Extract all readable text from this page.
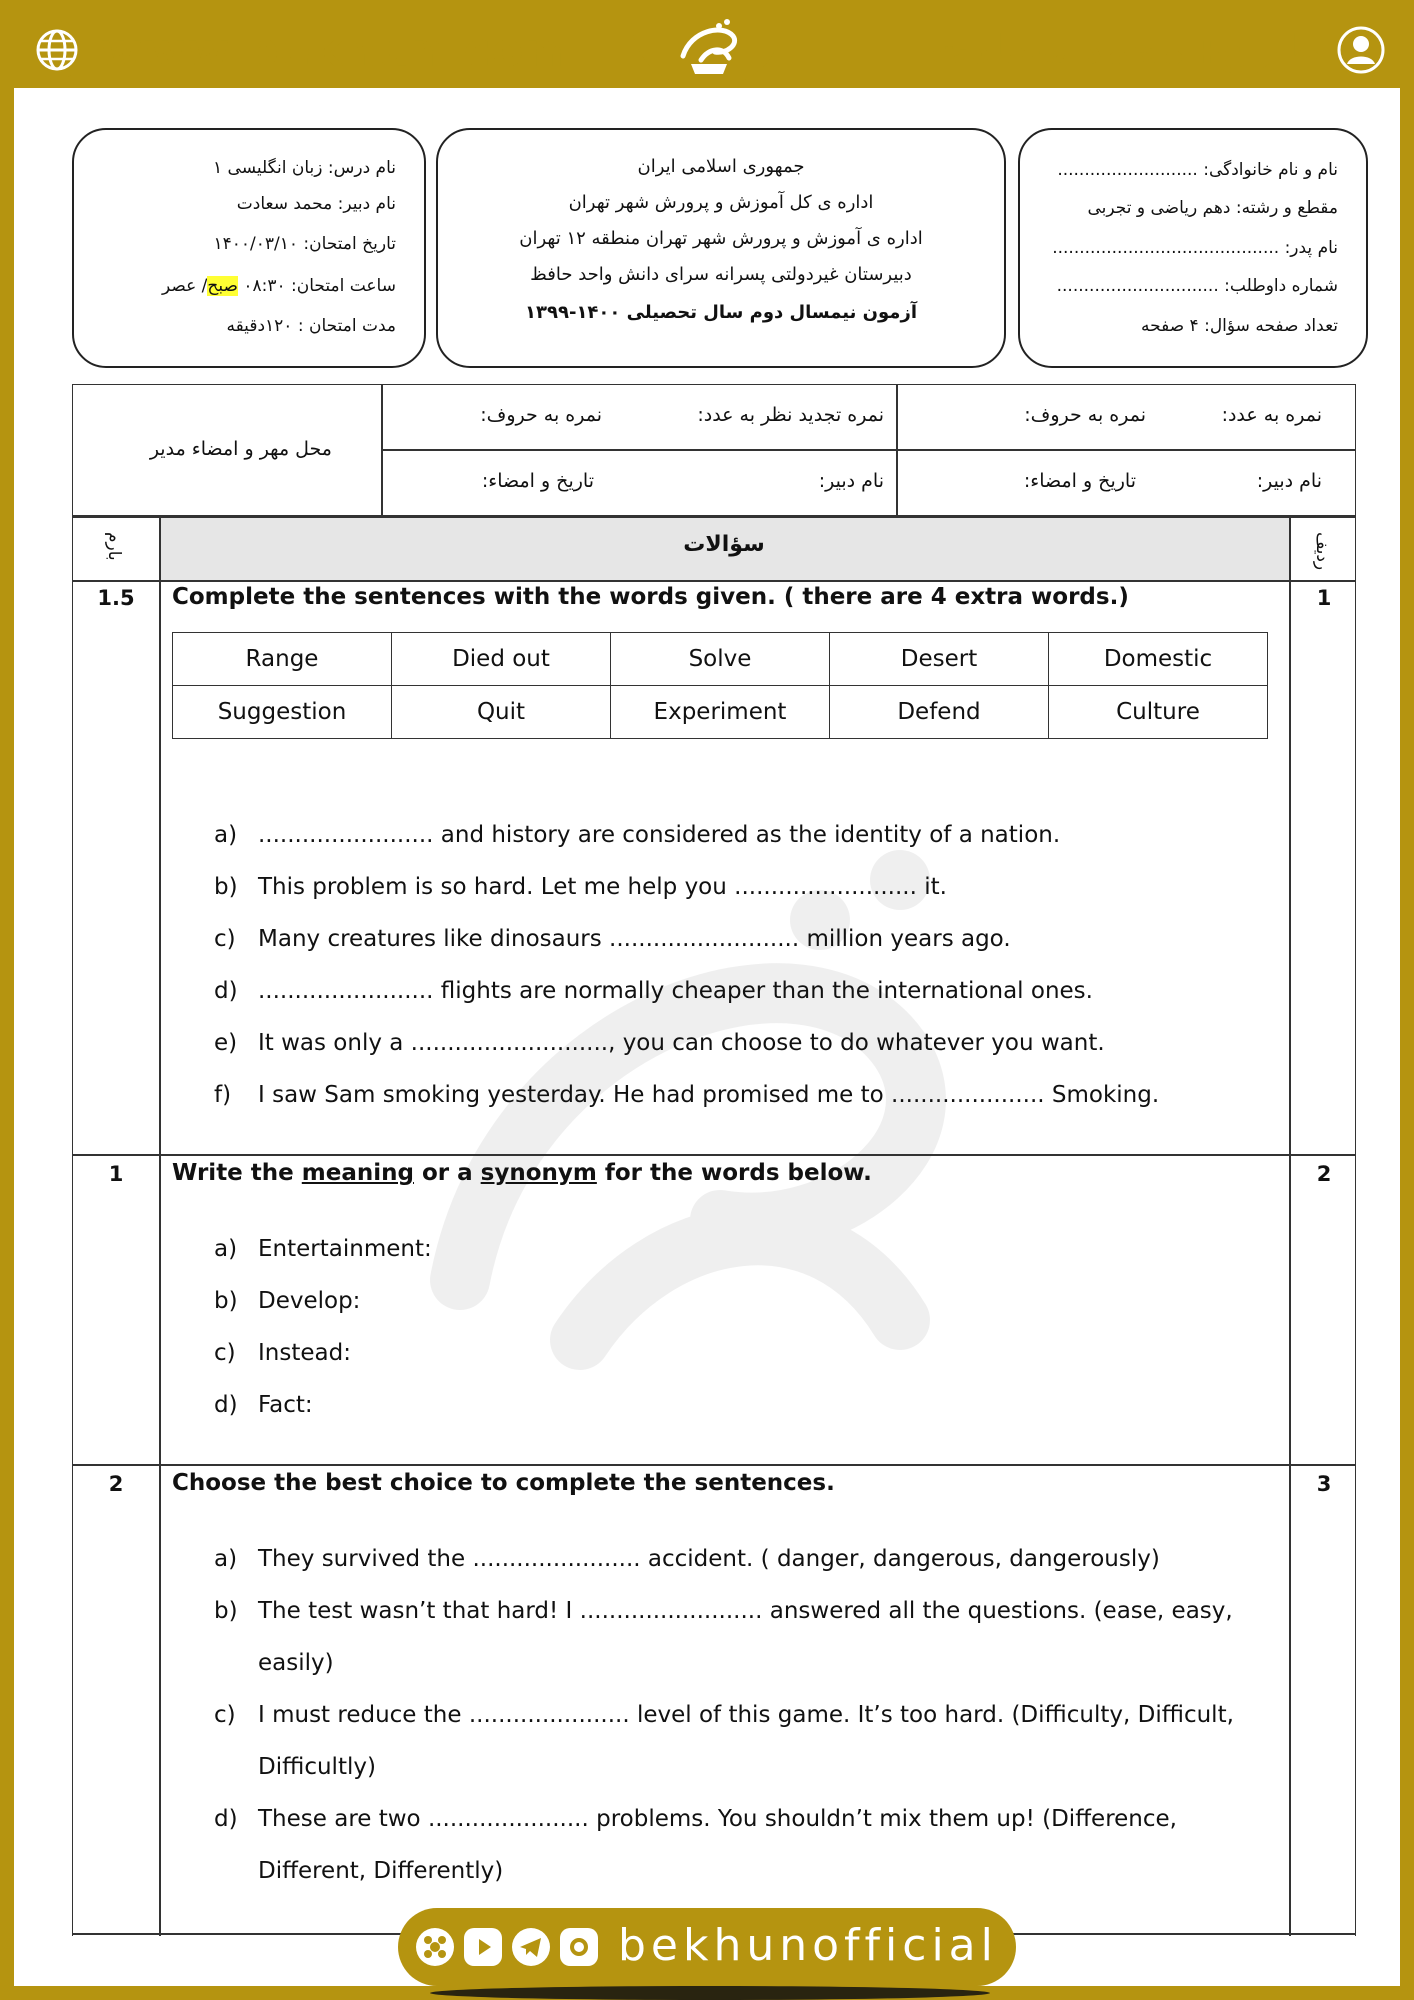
www.bekhun.com	طراح: محمد سعادت
نام و نام خانوادگی: ..........................
مقطع و رشته: دهم ریاضی و تجربی
نام پدر: ..........................................
شماره داوطلب: ..............................
تعداد صفحه سؤال: ۴ صفحه
جمهوری اسلامی ایران
اداره ی کل آموزش و پرورش شهر تهران
اداره ی آموزش و پرورش شهر تهران منطقه ۱۲ تهران
دبیرستان غیردولتی پسرانه سرای دانش واحد حافظ
آزمون نیمسال دوم سال تحصیلی ۱۴۰۰-۱۳۹۹
نام درس: زبان انگلیسی ۱
نام دبیر: محمد سعادت
تاریخ امتحان: ۱۴۰۰/۰۳/۱۰
ساعت امتحان: ۰۸:۳۰ صبح/ عصر
مدت امتحان : ۱۲۰دقیقه
نمره به عدد:
نمره به حروف:
نام دبیر:
تاریخ و امضاء:
نمره تجدید نظر به عدد:
نمره به حروف:
نام دبیر:
تاریخ و امضاء:
محل مهر و امضاء مدیر
سؤالات	ردیف
بارم
1.5	1
Complete the sentences with the words given. ( there are 4 extra words.)
Range	Died out	Solve	Desert	Domestic
Suggestion	Quit	Experiment	Defend	Culture
a) ........................ and history are considered as the identity of a nation.
b) This problem is so hard. Let me help you ......................... it.
c) Many creatures like dinosaurs .......................... million years ago.
d) ........................ flights are normally cheaper than the international ones.
e) It was only a ..........................., you can choose to do whatever you want.
f) I saw Sam smoking yesterday. He had promised me to ..................... Smoking.
1	2
Write the meaning or a synonym for the words below.
a) Entertainment:
b) Develop:
c) Instead:
d) Fact:
2	3
Choose the best choice to complete the sentences.
a) They survived the ....................... accident. ( danger, dangerous, dangerously)
b) The test wasn’t that hard! I ......................... answered all the questions. (ease, easy,
easily)
c) I must reduce the ...................... level of this game. It’s too hard. (Difficulty, Difficult,
Difficultly)
d) These are two ...................... problems. You shouldn’t mix them up! (Difference,
Different, Differently)
bekhunofficial
